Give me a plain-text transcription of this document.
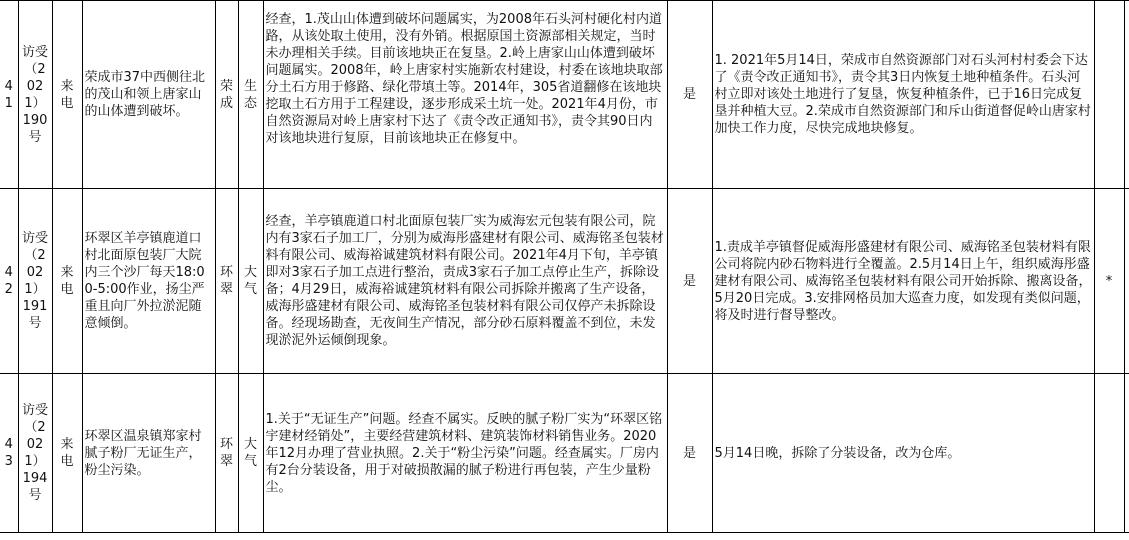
41	访受（2021）190号	来电	荣成市37中西侧往北的茂山和领上唐家山的山体遭到破坏。	荣成	生态	经查，1.茂山山体遭到破坏问题属实，为2008年石头河村硬化村内道路，从该处取土使用，没有外销。根据原国土资源部相关规定，当时未办理相关手续。目前该地块正在复垦。2.岭上唐家山山体遭到破坏问题属实。2008年，岭上唐家村实施新农村建设，村委在该地块取部分土石方用于修路、绿化带填土等。2014年，305省道翻修在该地块挖取土石方用于工程建设，逐步形成采土坑一处。2021年4月份，市自然资源局对岭上唐家村下达了《责令改正通知书》，责令其90日内对该地块进行复原，目前该地块正在修复中。	是	1. 2021年5月14日，荣成市自然资源部门对石头河村村委会下达了《责令改正通知书》，责令其3日内恢复土地种植条件。石头河村立即对该处土地进行了复垦，恢复种植条件，已于16日完成复垦并种植大豆。2.荣成市自然资源部门和斥山街道督促岭山唐家村加快工作力度，尽快完成地块修复。		
42	访受（2021）191号	来电	环翠区羊亭镇鹿道口村北面原包装厂大院内三个沙厂每天18:00-5:00作业，扬尘严重且向厂外拉淤泥随意倾倒。	环翠	大气	经查，羊亭镇鹿道口村北面原包装厂实为威海宏元包装有限公司，院内有3家石子加工厂，分别为威海彤盛建材有限公司、威海铭圣包装材料有限公司、威海裕诚建筑材料有限公司。2021年4月下旬，羊亭镇即对3家石子加工点进行整治，责成3家石子加工点停止生产，拆除设备；4月29日，威海裕诚建筑材料有限公司拆除并搬离了生产设备，威海彤盛建材有限公司、威海铭圣包装材料有限公司仅停产未拆除设备。经现场勘查，无夜间生产情况，部分砂石原料覆盖不到位，未发现淤泥外运倾倒现象。	是	1.责成羊亭镇督促威海彤盛建材有限公司、威海铭圣包装材料有限公司将院内砂石物料进行全覆盖。2.5月14日上午，组织威海彤盛建材有限公司、威海铭圣包装材料有限公司开始拆除、搬离设备，5月20日完成。3.安排网格员加大巡查力度，如发现有类似问题，将及时进行督导整改。	*	
43	访受（2021）194号	来电	环翠区温泉镇郑家村腻子粉厂无证生产，粉尘污染。	环翠	大气	1.关于“无证生产”问题。经查不属实。反映的腻子粉厂实为“环翠区铭宇建材经销处”，主要经营建筑材料、建筑装饰材料销售业务。2020年12月办理了营业执照。2.关于“粉尘污染”问题。经查属实。厂房内有2台分装设备，用于对破损散漏的腻子粉进行再包装，产生少量粉尘。	是	5月14日晚，拆除了分装设备，改为仓库。		
